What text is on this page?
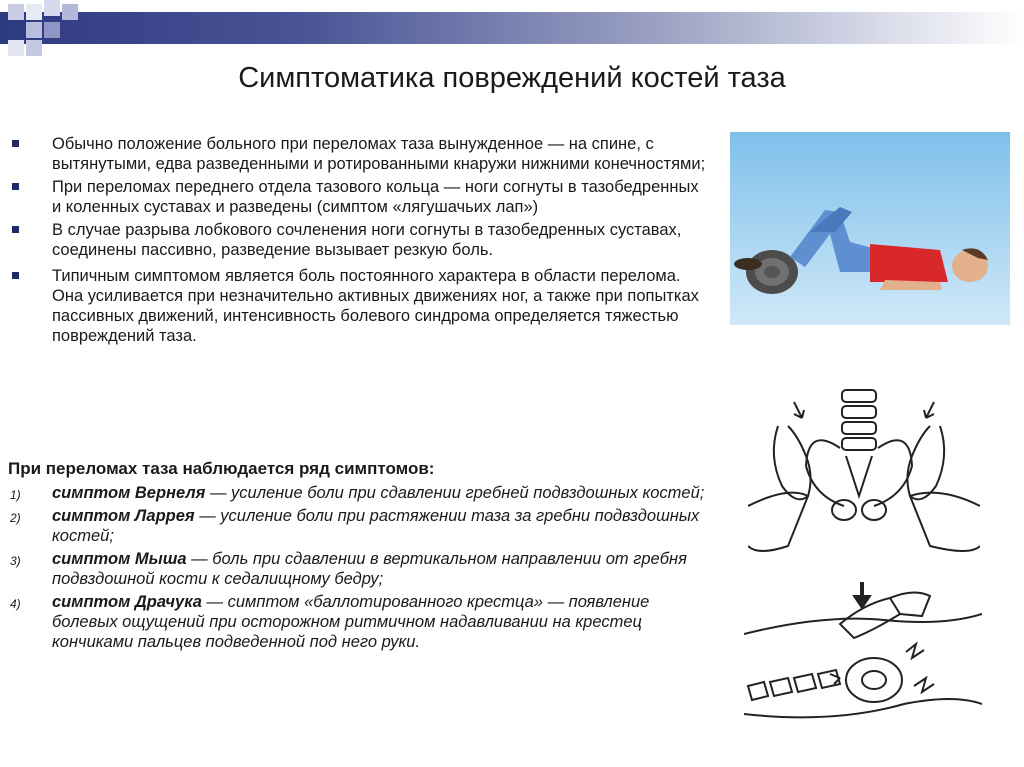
Симптоматика повреждений костей таза
Обычно положение больного при переломах таза вынужденное — на спине, с вытянутыми, едва разведенными и ротированными кнаружи нижними конечностями;
При переломах переднего отдела тазового кольца — ноги согнуты в тазобедренных и коленных суставах и разведены (симптом «лягушачьих лап»)
В случае разрыва лобкового сочленения ноги согнуты в тазобедренных суставах, соединены пассивно, разведение вызывает резкую боль.
Типичным симптомом является боль постоянного характера в области перелома. Она усиливается при незначительно активных движениях ног, а также при попытках пассивных движений, интенсивность болевого синдрома определяется тяжестью повреждений таза.
При переломах таза наблюдается ряд симптомов:
1) симптом Вернеля — усиление боли при сдавлении гребней подвздошных костей;
2) симптом Ларрея — усиление боли при растяжении таза за гребни подвздошных костей;
3) симптом Мыша — боль при сдавлении в вертикальном направлении от гребня подвздошной кости к седалищному бедру;
4) симптом Драчука — симптом «баллотированного крестца» — появление болевых ощущений при осторожном ритмичном надавливании на крестец кончиками пальцев подведенной под него руки.
